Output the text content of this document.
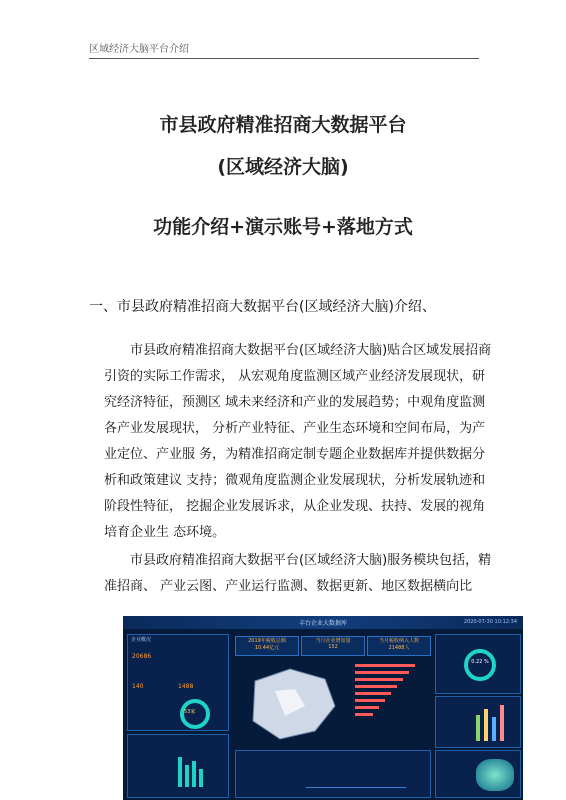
区域经济大脑平台介绍
市县政府精准招商大数据平台
(区域经济大脑)
功能介绍+演示账号+落地方式
一、市县政府精准招商大数据平台(区域经济大脑)介绍、
市县政府精准招商大数据平台(区域经济大脑)贴合区域发展招商引资的实际工作需求， 从宏观角度监测区域产业经济发展现状，研究经济特征，预测区 域未来经济和产业的发展趋势；中观角度监测各产业发展现状， 分析产业特征、产业生态环境和空间布局，为产业定位、产业服 务，为精准招商定制专题企业数据库并提供数据分析和政策建议 支持；微观角度监测企业发展现状，分析发展轨迹和阶段性特征， 挖掘企业发展诉求，从企业发现、扶持、发展的视角培育企业生 态环境。
市县政府精准招商大数据平台(区域经济大脑)服务模块包括，精准招商、 产业云图、产业运行监测、数据更新、地区数据横向比
丰台企业大数据库	2020-07-30 10:12:34
企业概况
20686
140	1488
53家
2019年税收总额
10.44亿元
当月企业增加量
152
当月税收纳入人数
21488人
0.22 %
